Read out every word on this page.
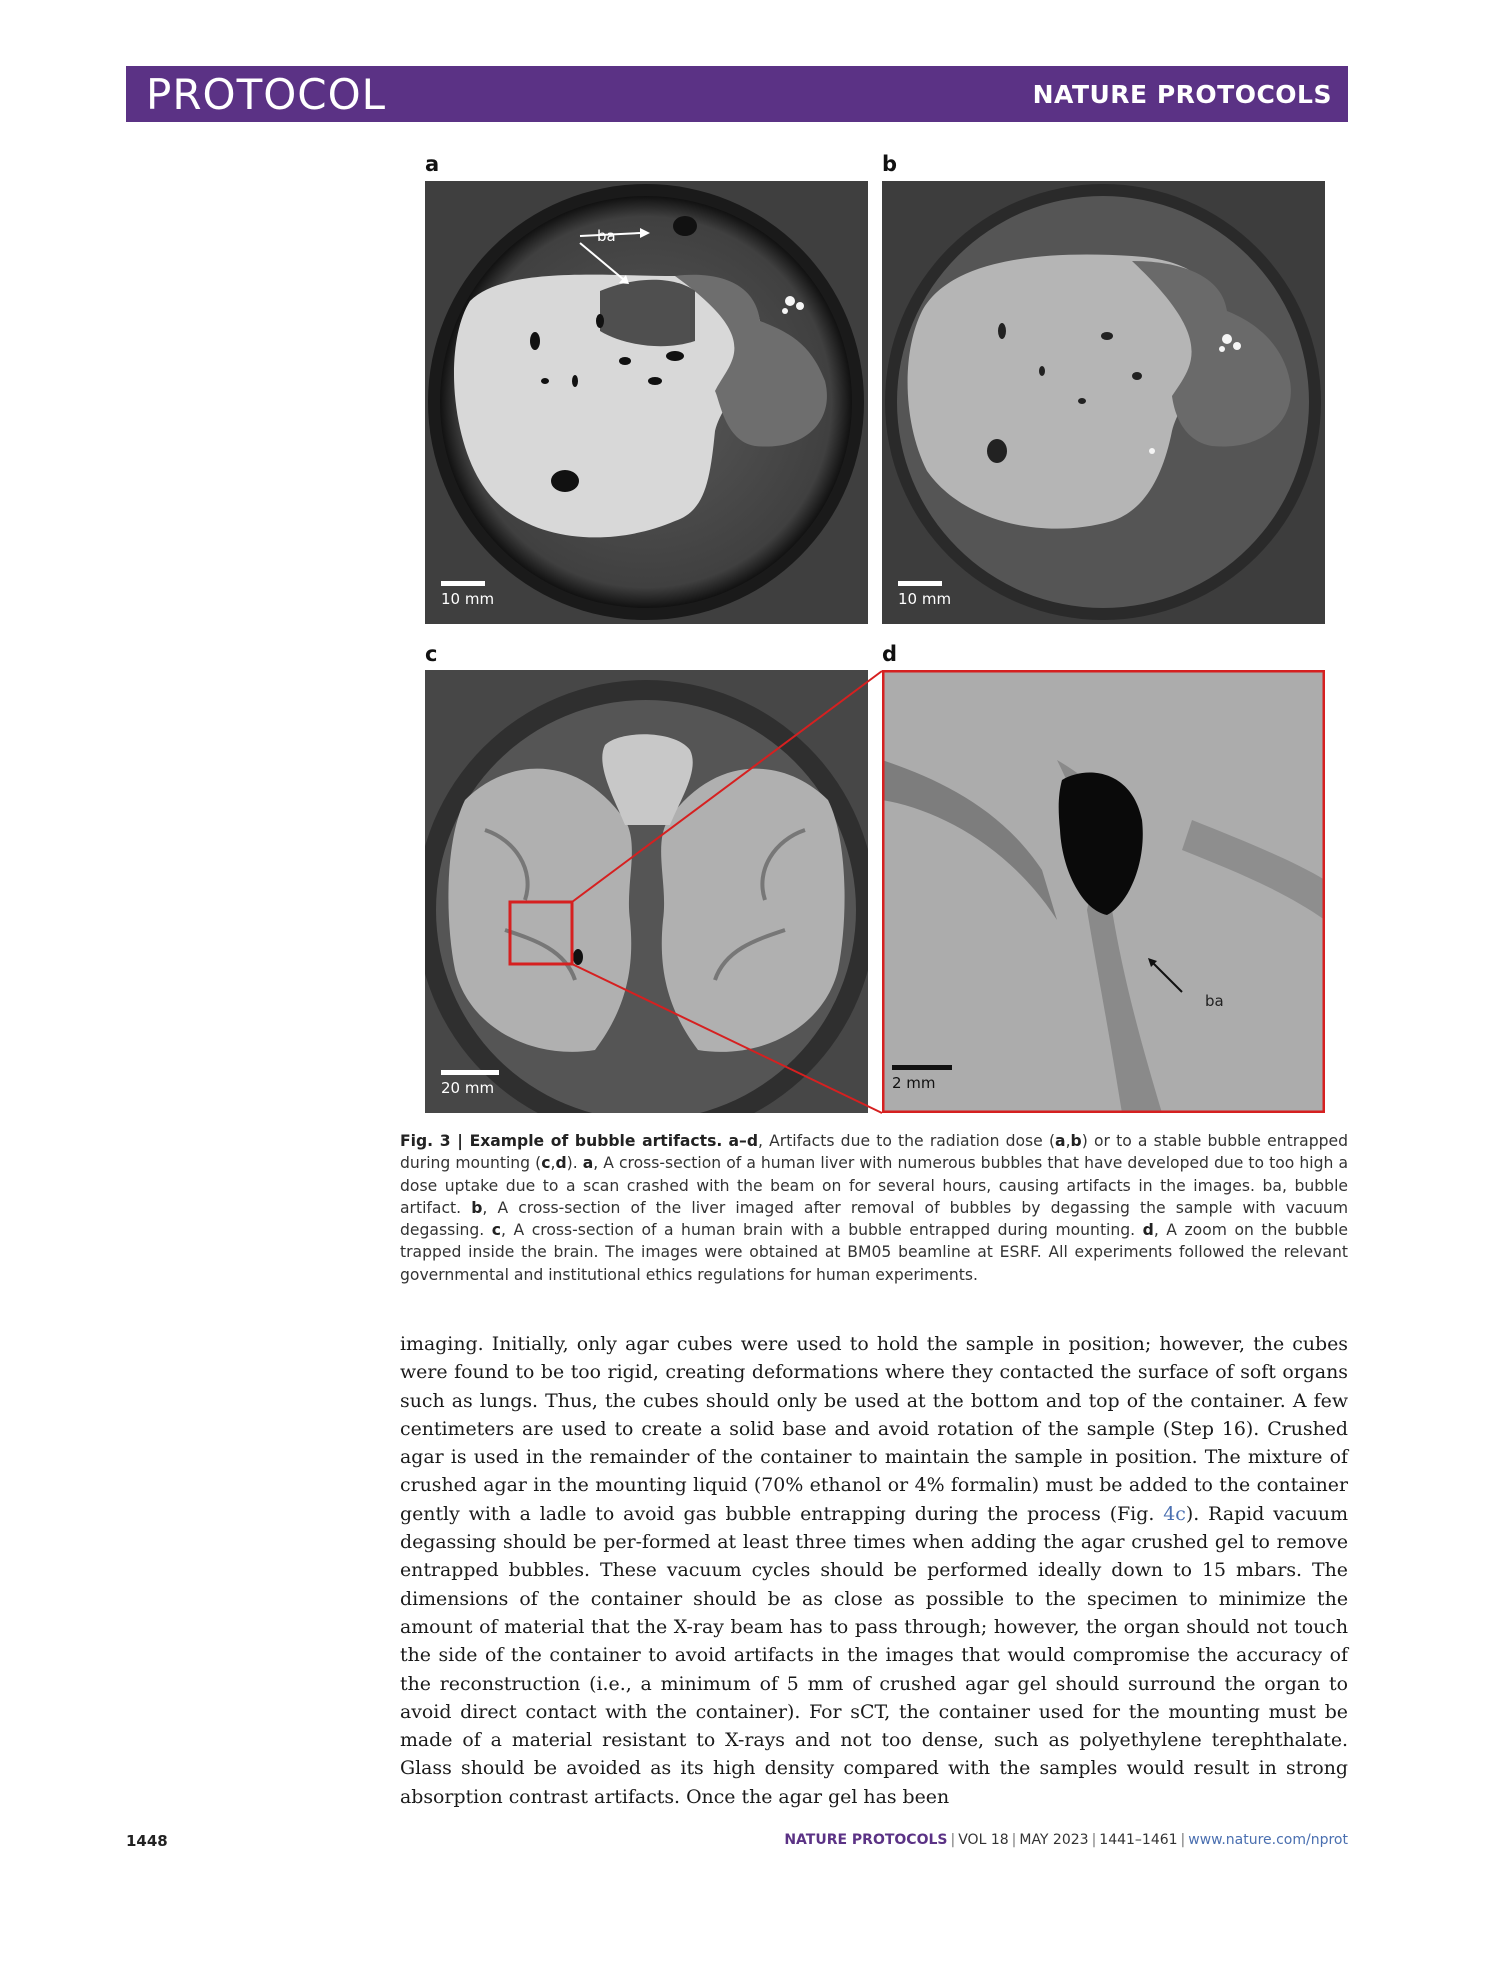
PROTOCOL	NATURE PROTOCOLS
a	b
c	d
ba
10 mm	10 mm
20 mm
ba
2 mm
Fig. 3 | Example of bubble artifacts. a–d, Artifacts due to the radiation dose (a,b) or to a stable bubble entrapped during mounting (c,d). a, A cross-section of a human liver with numerous bubbles that have developed due to too high a dose uptake due to a scan crashed with the beam on for several hours, causing artifacts in the images. ba, bubble artifact. b, A cross-section of the liver imaged after removal of bubbles by degassing the sample with vacuum degassing. c, A cross-section of a human brain with a bubble entrapped during mounting. d, A zoom on the bubble trapped inside the brain. The images were obtained at BM05 beamline at ESRF. All experiments followed the relevant governmental and institutional ethics regulations for human experiments.
imaging. Initially, only agar cubes were used to hold the sample in position; however, the cubes were found to be too rigid, creating deformations where they contacted the surface of soft organs such as lungs. Thus, the cubes should only be used at the bottom and top of the container. A few centimeters are used to create a solid base and avoid rotation of the sample (Step 16). Crushed agar is used in the remainder of the container to maintain the sample in position. The mixture of crushed agar in the mounting liquid (70% ethanol or 4% formalin) must be added to the container gently with a ladle to avoid gas bubble entrapping during the process (Fig. 4c). Rapid vacuum degassing should be per-formed at least three times when adding the agar crushed gel to remove entrapped bubbles. These vacuum cycles should be performed ideally down to 15 mbars. The dimensions of the container should be as close as possible to the specimen to minimize the amount of material that the X-ray beam has to pass through; however, the organ should not touch the side of the container to avoid artifacts in the images that would compromise the accuracy of the reconstruction (i.e., a minimum of 5 mm of crushed agar gel should surround the organ to avoid direct contact with the container). For sCT, the container used for the mounting must be made of a material resistant to X-rays and not too dense, such as polyethylene terephthalate. Glass should be avoided as its high density compared with the samples would result in strong absorption contrast artifacts. Once the agar gel has been
1448	NATURE PROTOCOLS | VOL 18 | MAY 2023 | 1441–1461 | www.nature.com/nprot
